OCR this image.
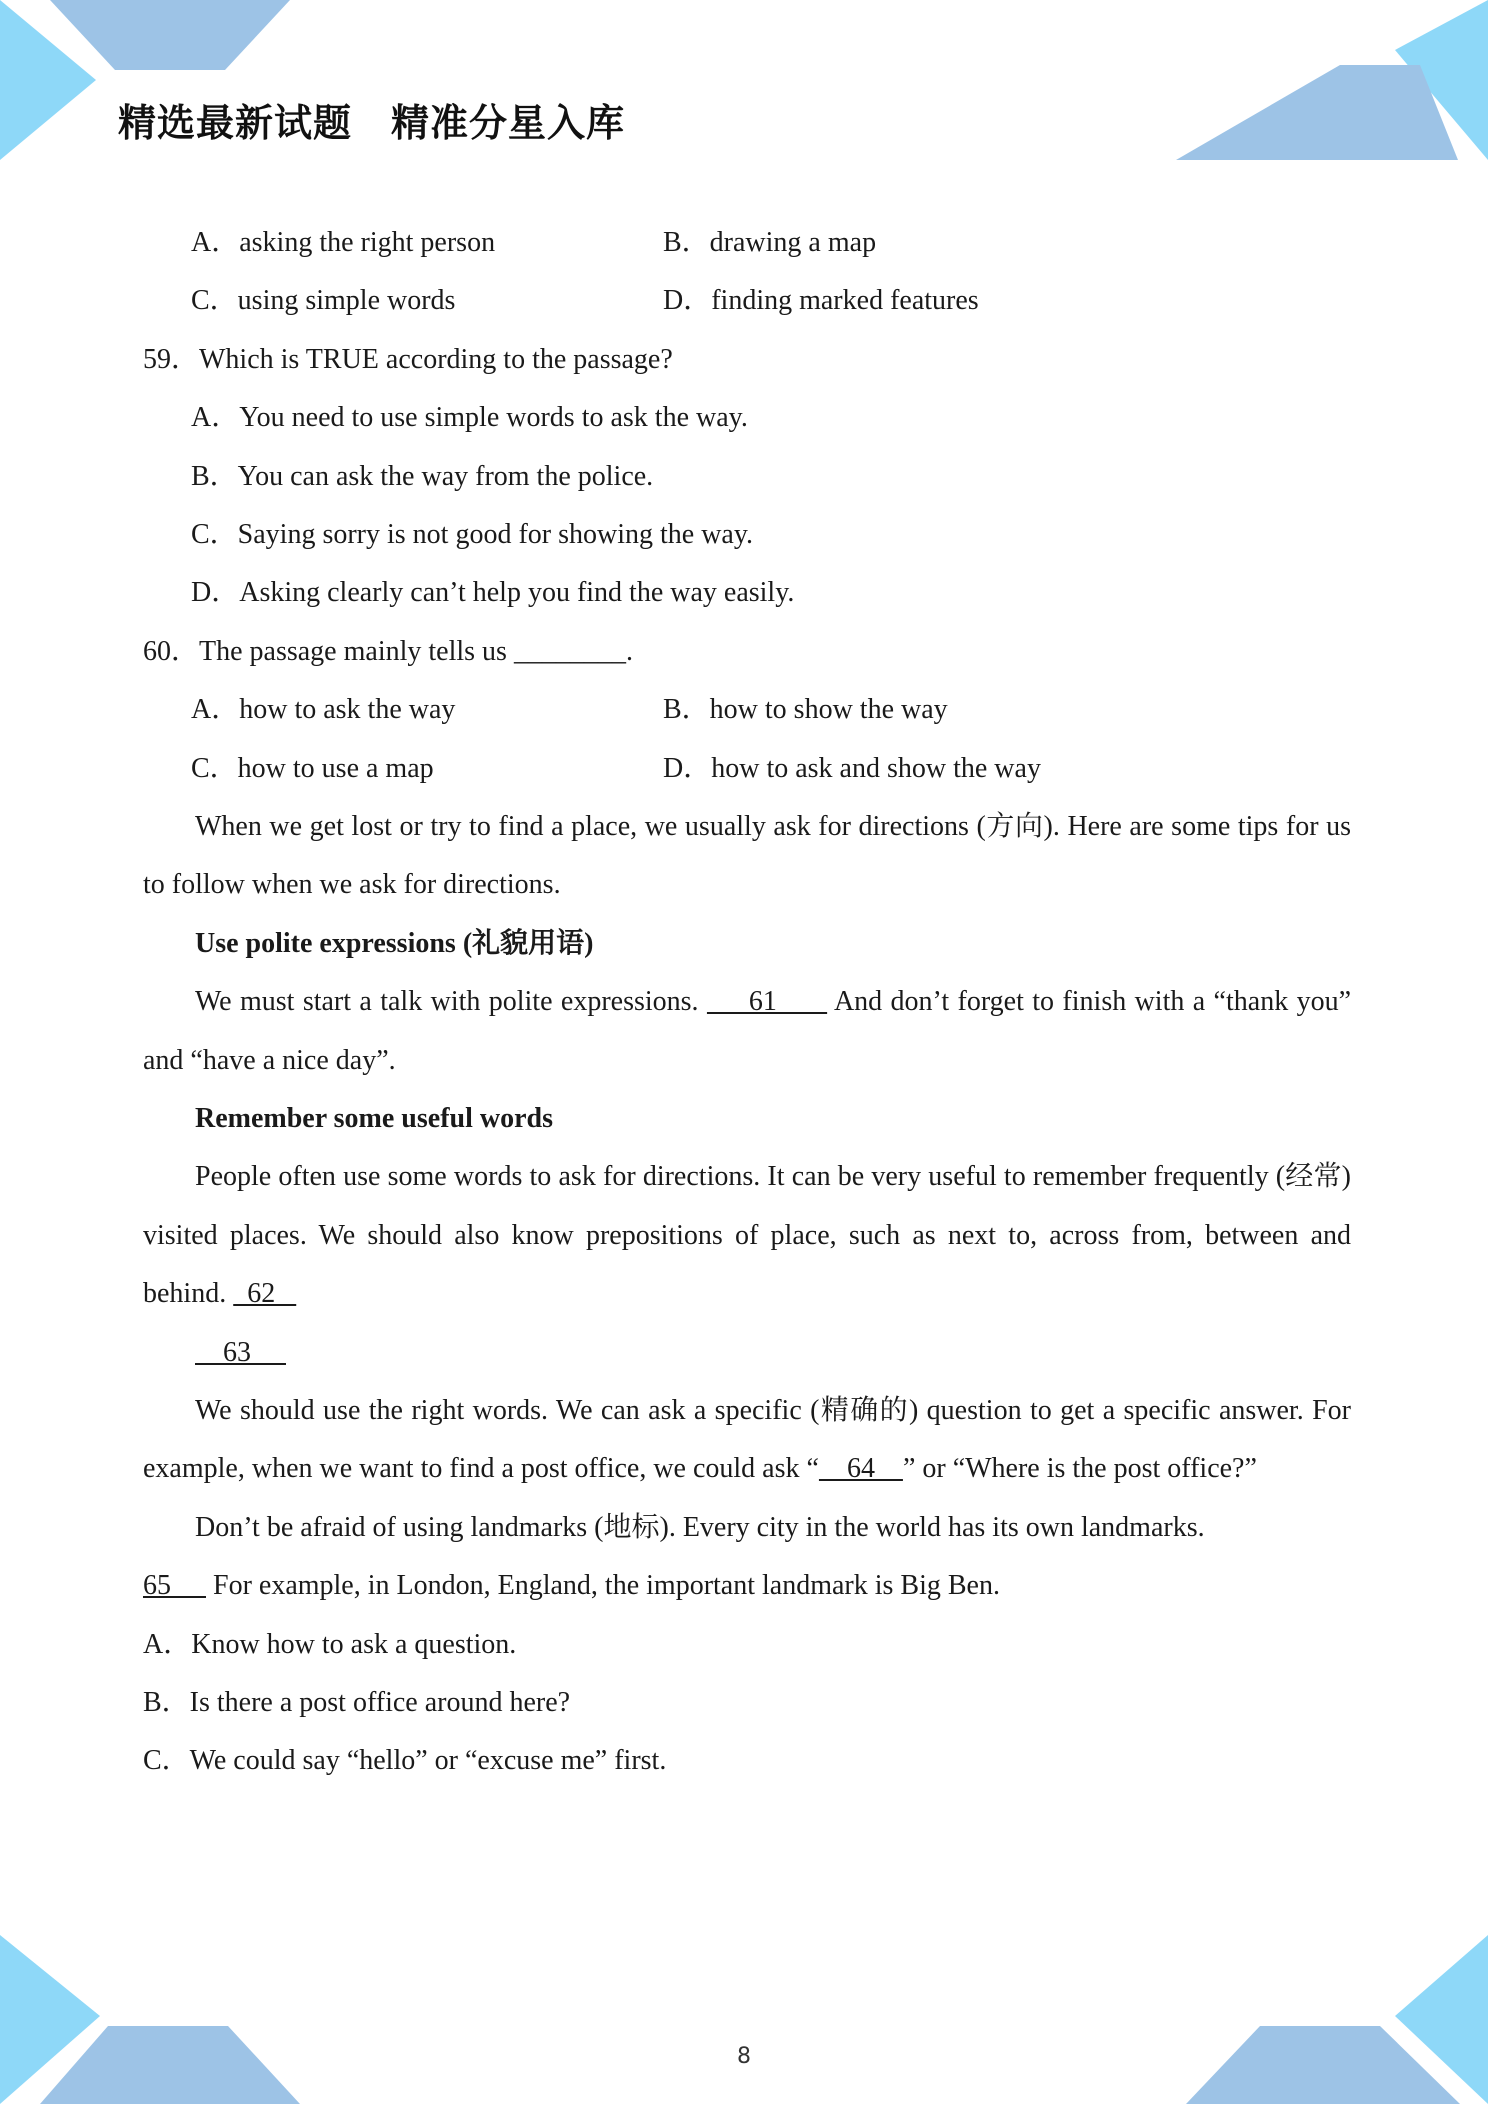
精选最新试题　精准分星入库
A．asking the right person	B．drawing a map
C．using simple words	D．finding marked features
59．Which is TRUE according to the passage?
A．You need to use simple words to ask the way.
B．You can ask the way from the police.
C．Saying sorry is not good for showing the way.
D．Asking clearly can’t help you find the way easily.
60．The passage mainly tells us ________.
A．how to ask the way	B．how to show the way
C．how to use a map	D．how to ask and show the way

When we get lost or try to find a place, we usually ask for directions (方向). Here are some tips for us to follow when we ask for directions.

Use polite expressions (礼貌用语)

We must start a talk with polite expressions.      61       And don’t forget to finish with a “thank you” and “have a nice day”.

Remember some useful words

People often use some words to ask for directions. It can be very useful to remember frequently (经常) visited places. We should also know prepositions of place, such as next to, across from, between and behind.   62

63

We should use the right words. We can ask a specific (精确的) question to get a specific answer. For example, when we want to find a post office, we could ask “    64    ” or “Where is the post office?”

Don’t be afraid of using landmarks (地标). Every city in the world has its own landmarks.

65      For example, in London, England, the important landmark is Big Ben.
A．Know how to ask a question.
B．Is there a post office around here?
C．We could say “hello” or “excuse me” first.
8
